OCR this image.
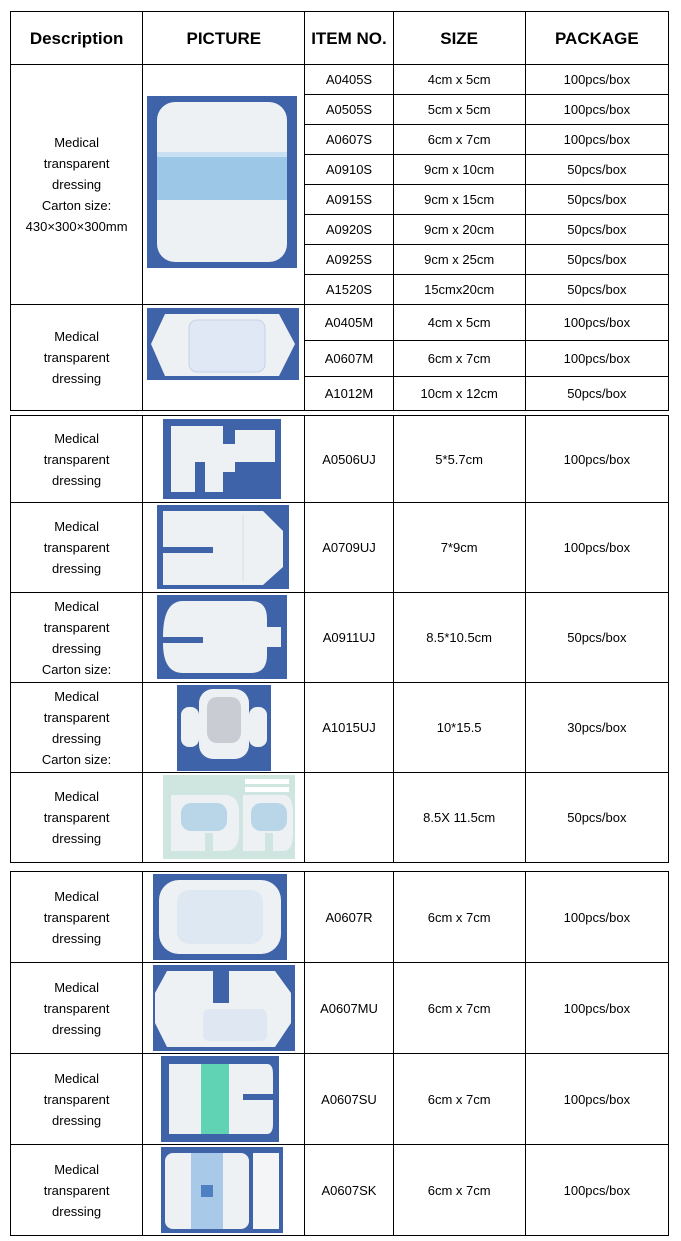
Description	PICTURE	ITEM NO.	SIZE	PACKAGE

Medical
transparent
dressing
Carton size:
430×300×300mm		A0405S	4cm x 5cm	100pcs/box
		A0505S	5cm x 5cm	100pcs/box
		A0607S	6cm x 7cm	100pcs/box
		A0910S	9cm x 10cm	50pcs/box
		A0915S	9cm x 15cm	50pcs/box
		A0920S	9cm x 20cm	50pcs/box
		A0925S	9cm x 25cm	50pcs/box
		A1520S	15cmx20cm	50pcs/box

Medical
transparent
dressing		A0405M	4cm x 5cm	100pcs/box
		A0607M	6cm x 7cm	100pcs/box
		A1012M	10cm x 12cm	50pcs/box
Medical
transparent
dressing		A0506UJ	5*5.7cm	100pcs/box

Medical
transparent
dressing		A0709UJ	7*9cm	100pcs/box

Medical
transparent
dressing
Carton size:		A0911UJ	8.5*10.5cm	50pcs/box

Medical
transparent
dressing
Carton size:		A1015UJ	10*15.5	30pcs/box

Medical
transparent
dressing			8.5X 11.5cm	50pcs/box
Medical
transparent
dressing		A0607R	6cm x 7cm	100pcs/box

Medical
transparent
dressing		A0607MU	6cm x 7cm	100pcs/box

Medical
transparent
dressing		A0607SU	6cm x 7cm	100pcs/box

Medical
transparent
dressing		A0607SK	6cm x 7cm	100pcs/box
